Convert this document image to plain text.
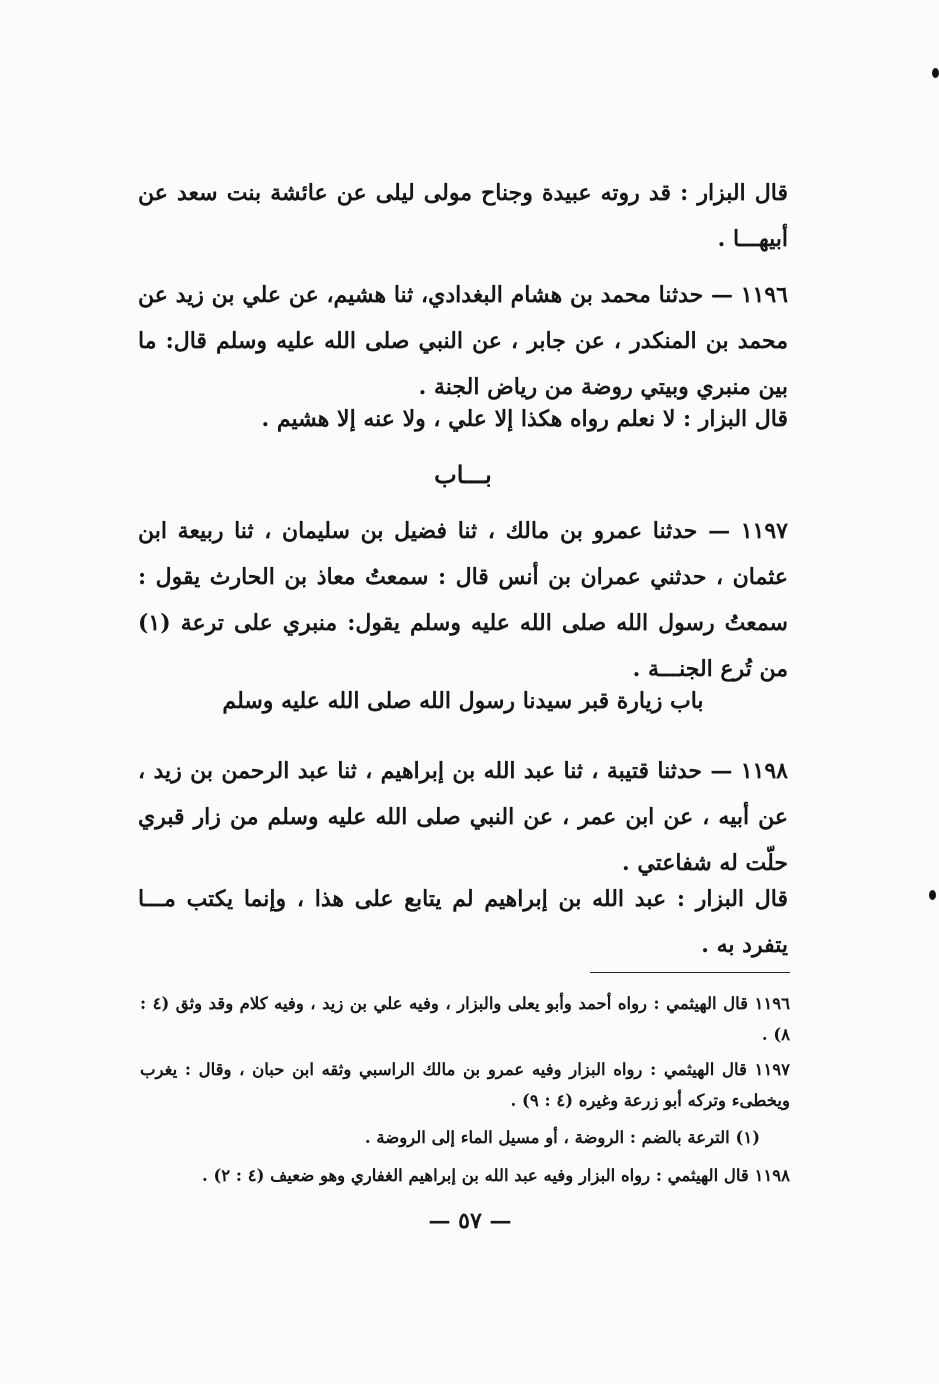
قال البزار : قد روته عبيدة وجناح مولى ليلى عن عائشة بنت سعد عن أبيهـــا .
١١٩٦ — حدثنا محمد بن هشام البغدادي، ثنا هشيم، عن علي بن زيد عن محمد بن المنكدر ، عن جابر ، عن النبي صلى الله عليه وسلم قال: ما بين منبري وبيتي روضة من رياض الجنة .
قال البزار : لا نعلم رواه هكذا إلا علي ، ولا عنه إلا هشيم .
بـــاب
١١٩٧ — حدثنا عمرو بن مالك ، ثنا فضيل بن سليمان ، ثنا ربيعة ابن عثمان ، حدثني عمران بن أنس قال : سمعتُ معاذ بن الحارث يقول : سمعتُ رسول الله صلى الله عليه وسلم يقول: منبري على ترعة (١) من تُرع الجنـــة .
باب زيارة قبر سيدنا رسول الله صلى الله عليه وسلم
١١٩٨ — حدثنا قتيبة ، ثنا عبد الله بن إبراهيم ، ثنا عبد الرحمن بن زيد ، عن أبيه ، عن ابن عمر ، عن النبي صلى الله عليه وسلم من زار قبري حلّت له شفاعتي .
قال البزار : عبد الله بن إبراهيم لم يتابع على هذا ، وإنما يكتب مـــا يتفرد به .
١١٩٦ قال الهيثمي : رواه أحمد وأبو يعلى والبزار ، وفيه علي بن زيد ، وفيه كلام وقد وثق (٤ : ٨) .
١١٩٧ قال الهيثمي : رواه البزار وفيه عمرو بن مالك الراسبي وثقه ابن حبان ، وقال : يغرب ويخطىء وتركه أبو زرعة وغيره (٤ : ٩) .
(١) الترعة بالضم : الروضة ، أو مسيل الماء إلى الروضة .
١١٩٨ قال الهيثمي : رواه البزار وفيه عبد الله بن إبراهيم الغفاري وهو ضعيف (٤ : ٢) .
— ٥٧ —
